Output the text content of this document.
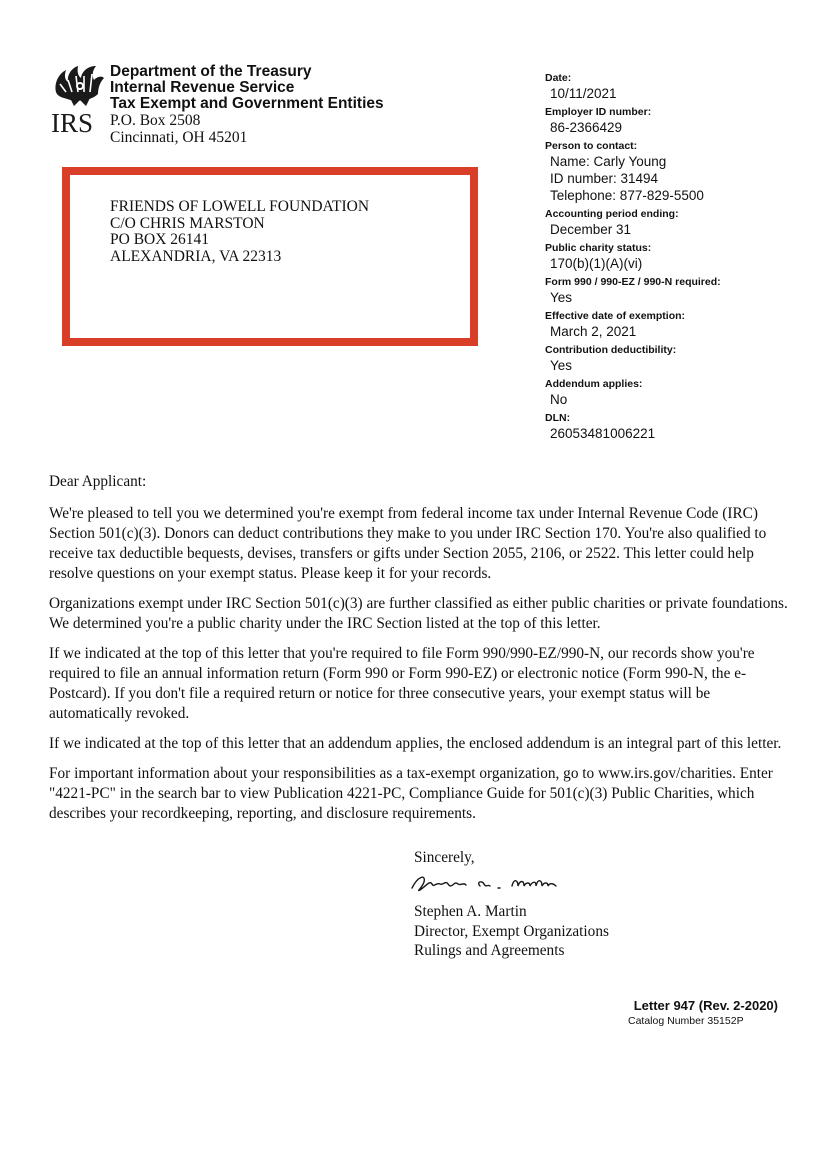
IRS
Department of the Treasury
Internal Revenue Service
Tax Exempt and Government Entities
P.O. Box 2508
Cincinnati, OH 45201
FRIENDS OF LOWELL FOUNDATION
C/O CHRIS MARSTON
PO BOX 26141
ALEXANDRIA, VA 22313
Date:
10/11/2021
Employer ID number:
86-2366429
Person to contact:
Name: Carly Young
ID number: 31494
Telephone: 877-829-5500
Accounting period ending:
December 31
Public charity status:
170(b)(1)(A)(vi)
Form 990 / 990-EZ / 990-N required:
Yes
Effective date of exemption:
March 2, 2021
Contribution deductibility:
Yes
Addendum applies:
No
DLN:
26053481006221

Dear Applicant:

We're pleased to tell you we determined you're exempt from federal income tax under Internal Revenue Code (IRC) Section 501(c)(3). Donors can deduct contributions they make to you under IRC Section 170. You're also qualified to receive tax deductible bequests, devises, transfers or gifts under Section 2055, 2106, or 2522. This letter could help resolve questions on your exempt status. Please keep it for your records.

Organizations exempt under IRC Section 501(c)(3) are further classified as either public charities or private foundations. We determined you're a public charity under the IRC Section listed at the top of this letter.

If we indicated at the top of this letter that you're required to file Form 990/990-EZ/990-N, our records show you're required to file an annual information return (Form 990 or Form 990-EZ) or electronic notice (Form 990-N, the e-Postcard). If you don't file a required return or notice for three consecutive years, your exempt status will be automatically revoked.

If we indicated at the top of this letter that an addendum applies, the enclosed addendum is an integral part of this letter.

For important information about your responsibilities as a tax-exempt organization, go to www.irs.gov/charities. Enter "4221-PC" in the search bar to view Publication 4221-PC, Compliance Guide for 501(c)(3) Public Charities, which describes your recordkeeping, reporting, and disclosure requirements.

Sincerely,
Stephen A. Martin
Director, Exempt Organizations
Rulings and Agreements
Letter 947 (Rev. 2-2020)
Catalog Number 35152P
